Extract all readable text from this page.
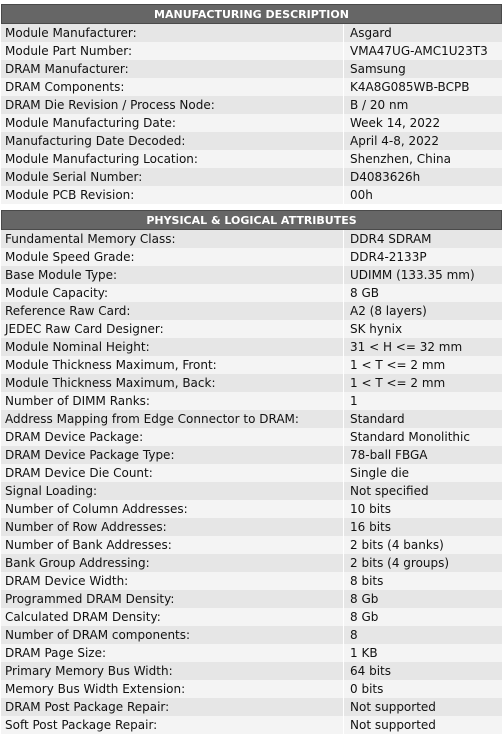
MANUFACTURING DESCRIPTION
Module Manufacturer:	Asgard
Module Part Number:	VMA47UG-AMC1U23T3
DRAM Manufacturer:	Samsung
DRAM Components:	K4A8G085WB-BCPB
DRAM Die Revision / Process Node:	B / 20 nm
Module Manufacturing Date:	Week 14, 2022
Manufacturing Date Decoded:	April 4-8, 2022
Module Manufacturing Location:	Shenzhen, China
Module Serial Number:	D4083626h
Module PCB Revision:	00h
PHYSICAL & LOGICAL ATTRIBUTES
Fundamental Memory Class:	DDR4 SDRAM
Module Speed Grade:	DDR4-2133P
Base Module Type:	UDIMM (133.35 mm)
Module Capacity:	8 GB
Reference Raw Card:	A2 (8 layers)
JEDEC Raw Card Designer:	SK hynix
Module Nominal Height:	31 < H <= 32 mm
Module Thickness Maximum, Front:	1 < T <= 2 mm
Module Thickness Maximum, Back:	1 < T <= 2 mm
Number of DIMM Ranks:	1
Address Mapping from Edge Connector to DRAM:	Standard
DRAM Device Package:	Standard Monolithic
DRAM Device Package Type:	78-ball FBGA
DRAM Device Die Count:	Single die
Signal Loading:	Not specified
Number of Column Addresses:	10 bits
Number of Row Addresses:	16 bits
Number of Bank Addresses:	2 bits (4 banks)
Bank Group Addressing:	2 bits (4 groups)
DRAM Device Width:	8 bits
Programmed DRAM Density:	8 Gb
Calculated DRAM Density:	8 Gb
Number of DRAM components:	8
DRAM Page Size:	1 KB
Primary Memory Bus Width:	64 bits
Memory Bus Width Extension:	0 bits
DRAM Post Package Repair:	Not supported
Soft Post Package Repair:	Not supported
